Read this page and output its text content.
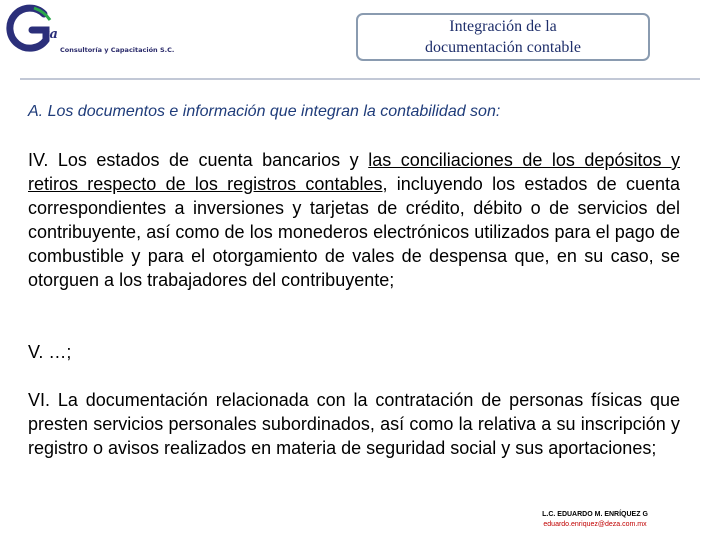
va
Consultoría y Capacitación S.C.
Integración de la
documentación contable
A. Los documentos e información que integran la contabilidad son:
IV. Los estados de cuenta bancarios y las conciliaciones de los depósitos y retiros respecto de los registros contables, incluyendo los estados de cuenta correspondientes a inversiones y tarjetas de crédito, débito o de servicios del contribuyente, así como de los monederos electrónicos utilizados para el pago de combustible y para el otorgamiento de vales de despensa que, en su caso, se otorguen a los trabajadores del contribuyente;
V. …;
VI. La documentación relacionada con la contratación de personas físicas que presten servicios personales subordinados, así como la relativa a su inscripción y registro o avisos realizados en materia de seguridad social y sus aportaciones;
L.C. EDUARDO M. ENRÍQUEZ G
eduardo.enriquez@deza.com.mx
